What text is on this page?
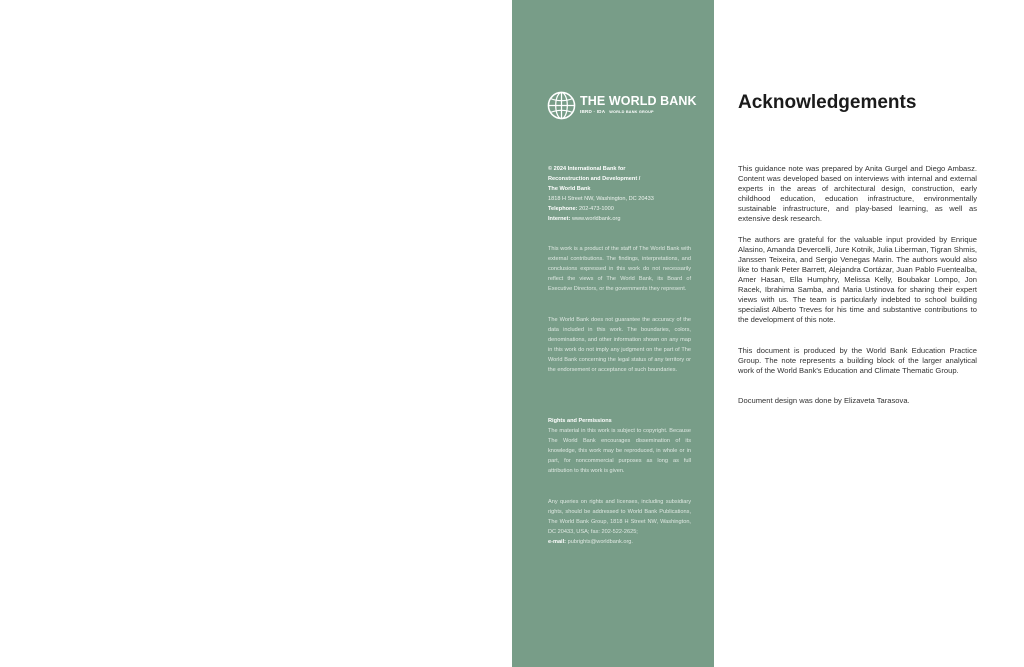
THE WORLD BANK
IBRD · IDA WORLD BANK GROUP

© 2024 International Bank for

Reconstruction and Development /

The World Bank

1818 H Street NW, Washington, DC 20433

Telephone: 202-473-1000

Internet: www.worldbank.org

This work is a product of the staff of The World Bank with external contributions. The findings, interpretations, and conclusions expressed in this work do not necessarily reflect the views of The World Bank, its Board of Executive Directors, or the governments they represent.

The World Bank does not guarantee the accuracy of the data included in this work. The boundaries, colors, denominations, and other information shown on any map in this work do not imply any judgment on the part of The World Bank concerning the legal status of any territory or the endorsement or acceptance of such boundaries.

Rights and Permissions

The material in this work is subject to copyright. Because The World Bank encourages dissemination of its knowledge, this work may be reproduced, in whole or in part, for noncommercial purposes as long as full attribution to this work is given.

Any queries on rights and licenses, including subsidiary rights, should be addressed to World Bank Publications, The World Bank Group, 1818 H Street NW, Washington, DC 20433, USA; fax: 202-522-2625;

e-mail: pubrights@worldbank.org.

Acknowledgements

This guidance note was prepared by Anita Gurgel and Diego Ambasz. Content was developed based on interviews with internal and external experts in the areas of architectural design, construction, early childhood education, education infrastructure, environmentally sustainable infrastructure, and play-based learning, as well as extensive desk research.

The authors are grateful for the valuable input provided by Enrique Alasino, Amanda Devercelli, Jure Kotnik, Julia Liberman, Tigran Shmis, Janssen Teixeira, and Sergio Venegas Marin. The authors would also like to thank Peter Barrett, Alejandra Cortázar, Juan Pablo Fuentealba, Amer Hasan, Ella Humphry, Melissa Kelly, Boubakar Lompo, Jon Racek, Ibrahima Samba, and Maria Ustinova for sharing their expert views with us. The team is particularly indebted to school building specialist Alberto Treves for his time and substantive contributions to the development of this note.

This document is produced by the World Bank Education Practice Group. The note represents a building block of the larger analytical work of the World Bank's Education and Climate Thematic Group.

Document design was done by Elizaveta Tarasova.
